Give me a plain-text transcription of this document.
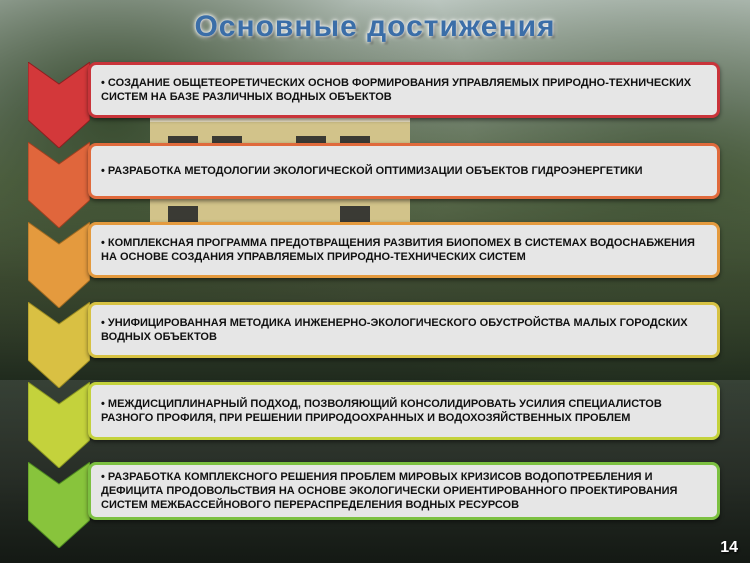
Основные достижения
• СОЗДАНИЕ ОБЩЕТЕОРЕТИЧЕСКИХ ОСНОВ ФОРМИРОВАНИЯ УПРАВЛЯЕМЫХ ПРИРОДНО-ТЕХНИЧЕСКИХ СИСТЕМ НА БАЗЕ РАЗЛИЧНЫХ ВОДНЫХ ОБЪЕКТОВ
• РАЗРАБОТКА МЕТОДОЛОГИИ ЭКОЛОГИЧЕСКОЙ ОПТИМИЗАЦИИ ОБЪЕКТОВ ГИДРОЭНЕРГЕТИКИ
• КОМПЛЕКСНАЯ ПРОГРАММА ПРЕДОТВРАЩЕНИЯ РАЗВИТИЯ БИОПОМЕХ В СИСТЕМАХ ВОДОСНАБЖЕНИЯ НА ОСНОВЕ СОЗДАНИЯ УПРАВЛЯЕМЫХ ПРИРОДНО-ТЕХНИЧЕСКИХ СИСТЕМ
• УНИФИЦИРОВАННАЯ МЕТОДИКА ИНЖЕНЕРНО-ЭКОЛОГИЧЕСКОГО ОБУСТРОЙСТВА МАЛЫХ ГОРОДСКИХ ВОДНЫХ ОБЪЕКТОВ
• МЕЖДИСЦИПЛИНАРНЫЙ ПОДХОД, ПОЗВОЛЯЮЩИЙ КОНСОЛИДИРОВАТЬ УСИЛИЯ СПЕЦИАЛИСТОВ РАЗНОГО ПРОФИЛЯ, ПРИ РЕШЕНИИ ПРИРОДООХРАННЫХ И ВОДОХОЗЯЙСТВЕННЫХ ПРОБЛЕМ
• РАЗРАБОТКА КОМПЛЕКСНОГО РЕШЕНИЯ ПРОБЛЕМ МИРОВЫХ КРИЗИСОВ ВОДОПОТРЕБЛЕНИЯ И ДЕФИЦИТА ПРОДОВОЛЬСТВИЯ НА ОСНОВЕ ЭКОЛОГИЧЕСКИ ОРИЕНТИРОВАННОГО ПРОЕКТИРОВАНИЯ СИСТЕМ МЕЖБАССЕЙНОВОГО ПЕРЕРАСПРЕДЕЛЕНИЯ ВОДНЫХ РЕСУРСОВ
14
